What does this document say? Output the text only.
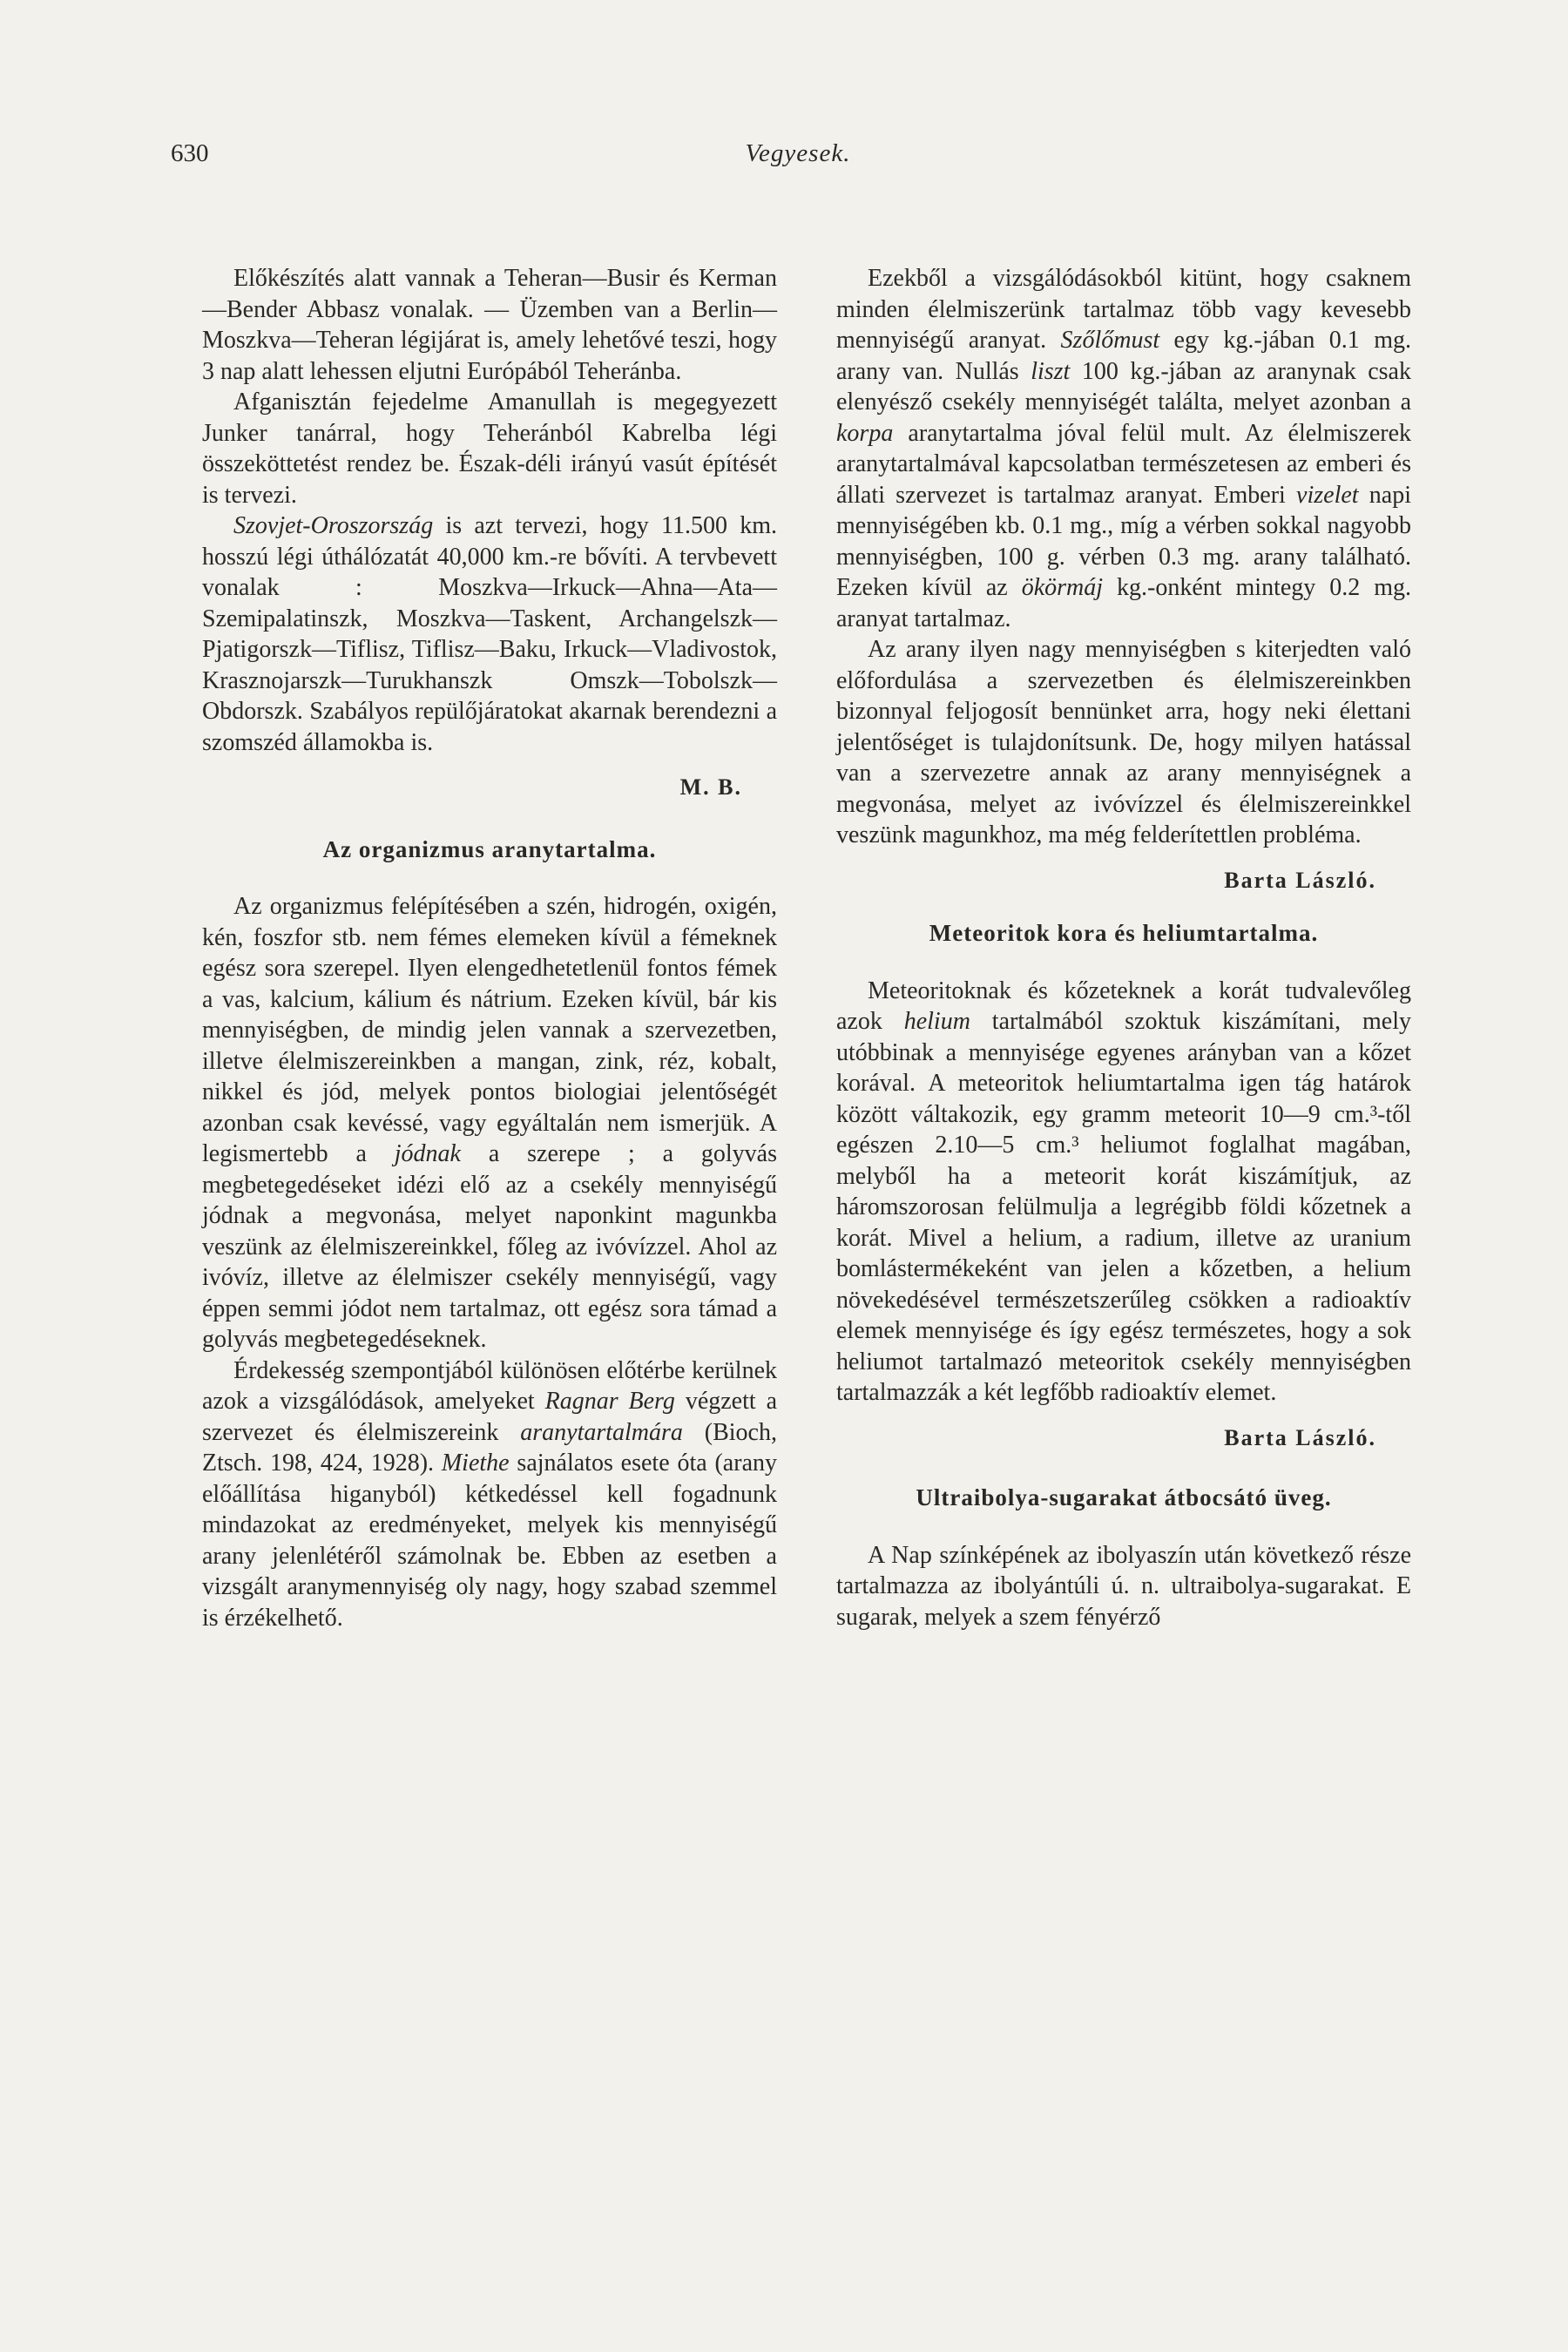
630	Vegyesek.

Előkészítés alatt vannak a Teheran—Busir és Kerman—Bender Abbasz vonalak. — Üzemben van a Berlin—Moszkva—Teheran légijárat is, amely lehetővé teszi, hogy 3 nap alatt lehessen eljutni Európából Teheránba.

Afganisztán fejedelme Amanullah is megegyezett Junker tanárral, hogy Teheránból Kabrelba légi összeköttetést rendez be. Észak-déli irányú vasút építését is tervezi.

Szovjet-Oroszország is azt tervezi, hogy 11.500 km. hosszú légi úthálózatát 40,000 km.-re bővíti. A tervbevett vonalak : Moszkva—Irkuck—Ahna—Ata—Szemipalatinszk, Moszkva—Taskent, Archangelszk—Pjatigorszk—Tiflisz, Tiflisz—Baku, Irkuck—Vladivostok, Krasznojarszk—Turukhanszk Omszk—Tobolszk—Obdorszk. Szabályos repülőjáratokat akarnak berendezni a szomszéd államokba is.

M. B.
Az organizmus aranytartalma.

Az organizmus felépítésében a szén, hidrogén, oxigén, kén, foszfor stb. nem fémes elemeken kívül a fémeknek egész sora szerepel. Ilyen elengedhetetlenül fontos fémek a vas, kalcium, kálium és nátrium. Ezeken kívül, bár kis mennyiségben, de mindig jelen vannak a szervezetben, illetve élelmiszereinkben a mangan, zink, réz, kobalt, nikkel és jód, melyek pontos biologiai jelentőségét azonban csak kevéssé, vagy egyáltalán nem ismerjük. A legismertebb a jódnak a szerepe ; a golyvás megbetegedéseket idézi elő az a csekély mennyiségű jódnak a megvonása, melyet naponkint magunkba veszünk az élelmiszereinkkel, főleg az ivóvízzel. Ahol az ivóvíz, illetve az élelmiszer csekély mennyiségű, vagy éppen semmi jódot nem tartalmaz, ott egész sora támad a golyvás megbetegedéseknek.

Érdekesség szempontjából különösen előtérbe kerülnek azok a vizsgálódások, amelyeket Ragnar Berg végzett a szervezet és élelmiszereink aranytartalmára (Bioch, Ztsch. 198, 424, 1928). Miethe sajnálatos esete óta (arany előállítása higanyból) kétkedéssel kell fogadnunk mindazokat az eredményeket, melyek kis mennyiségű arany jelenlétéről számolnak be. Ebben az esetben a vizsgált aranymennyiség oly nagy, hogy szabad szemmel is érzékelhető.

Ezekből a vizsgálódásokból kitünt, hogy csaknem minden élelmiszerünk tartalmaz több vagy kevesebb mennyiségű aranyat. Szőlőmust egy kg.-jában 0.1 mg. arany van. Nullás liszt 100 kg.-jában az aranynak csak elenyésző csekély mennyiségét találta, melyet azonban a korpa aranytartalma jóval felül mult. Az élelmiszerek aranytartalmával kapcsolatban természetesen az emberi és állati szervezet is tartalmaz aranyat. Emberi vizelet napi mennyiségében kb. 0.1 mg., míg a vérben sokkal nagyobb mennyiségben, 100 g. vérben 0.3 mg. arany található. Ezeken kívül az ökörmáj kg.-onként mintegy 0.2 mg. aranyat tartalmaz.

Az arany ilyen nagy mennyiségben s kiterjedten való előfordulása a szervezetben és élelmiszereinkben bizonnyal feljogosít bennünket arra, hogy neki élettani jelentőséget is tulajdonítsunk. De, hogy milyen hatással van a szervezetre annak az arany mennyiségnek a megvonása, melyet az ivóvízzel és élelmiszereinkkel veszünk magunkhoz, ma még felderítettlen probléma.

Barta László.
Meteoritok kora és heliumtartalma.

Meteoritoknak és kőzeteknek a korát tudvalevőleg azok helium tartalmából szoktuk kiszámítani, mely utóbbinak a mennyisége egyenes arányban van a kőzet korával. A meteoritok heliumtartalma igen tág határok között váltakozik, egy gramm meteorit 10—9 cm.³-től egészen 2.10—5 cm.³ heliumot foglalhat magában, melyből ha a meteorit korát kiszámítjuk, az háromszorosan felülmulja a legrégibb földi kőzetnek a korát. Mivel a helium, a radium, illetve az uranium bomlástermékeként van jelen a kőzetben, a helium növekedésével természetszerűleg csökken a radioaktív elemek mennyisége és így egész természetes, hogy a sok heliumot tartalmazó meteoritok csekély mennyiségben tartalmazzák a két legfőbb radioaktív elemet.

Barta László.
Ultraibolya-sugarakat átbocsátó üveg.

A Nap színképének az ibolyaszín után következő része tartalmazza az ibolyántúli ú. n. ultraibolya-sugarakat. E sugarak, melyek a szem fényérző
